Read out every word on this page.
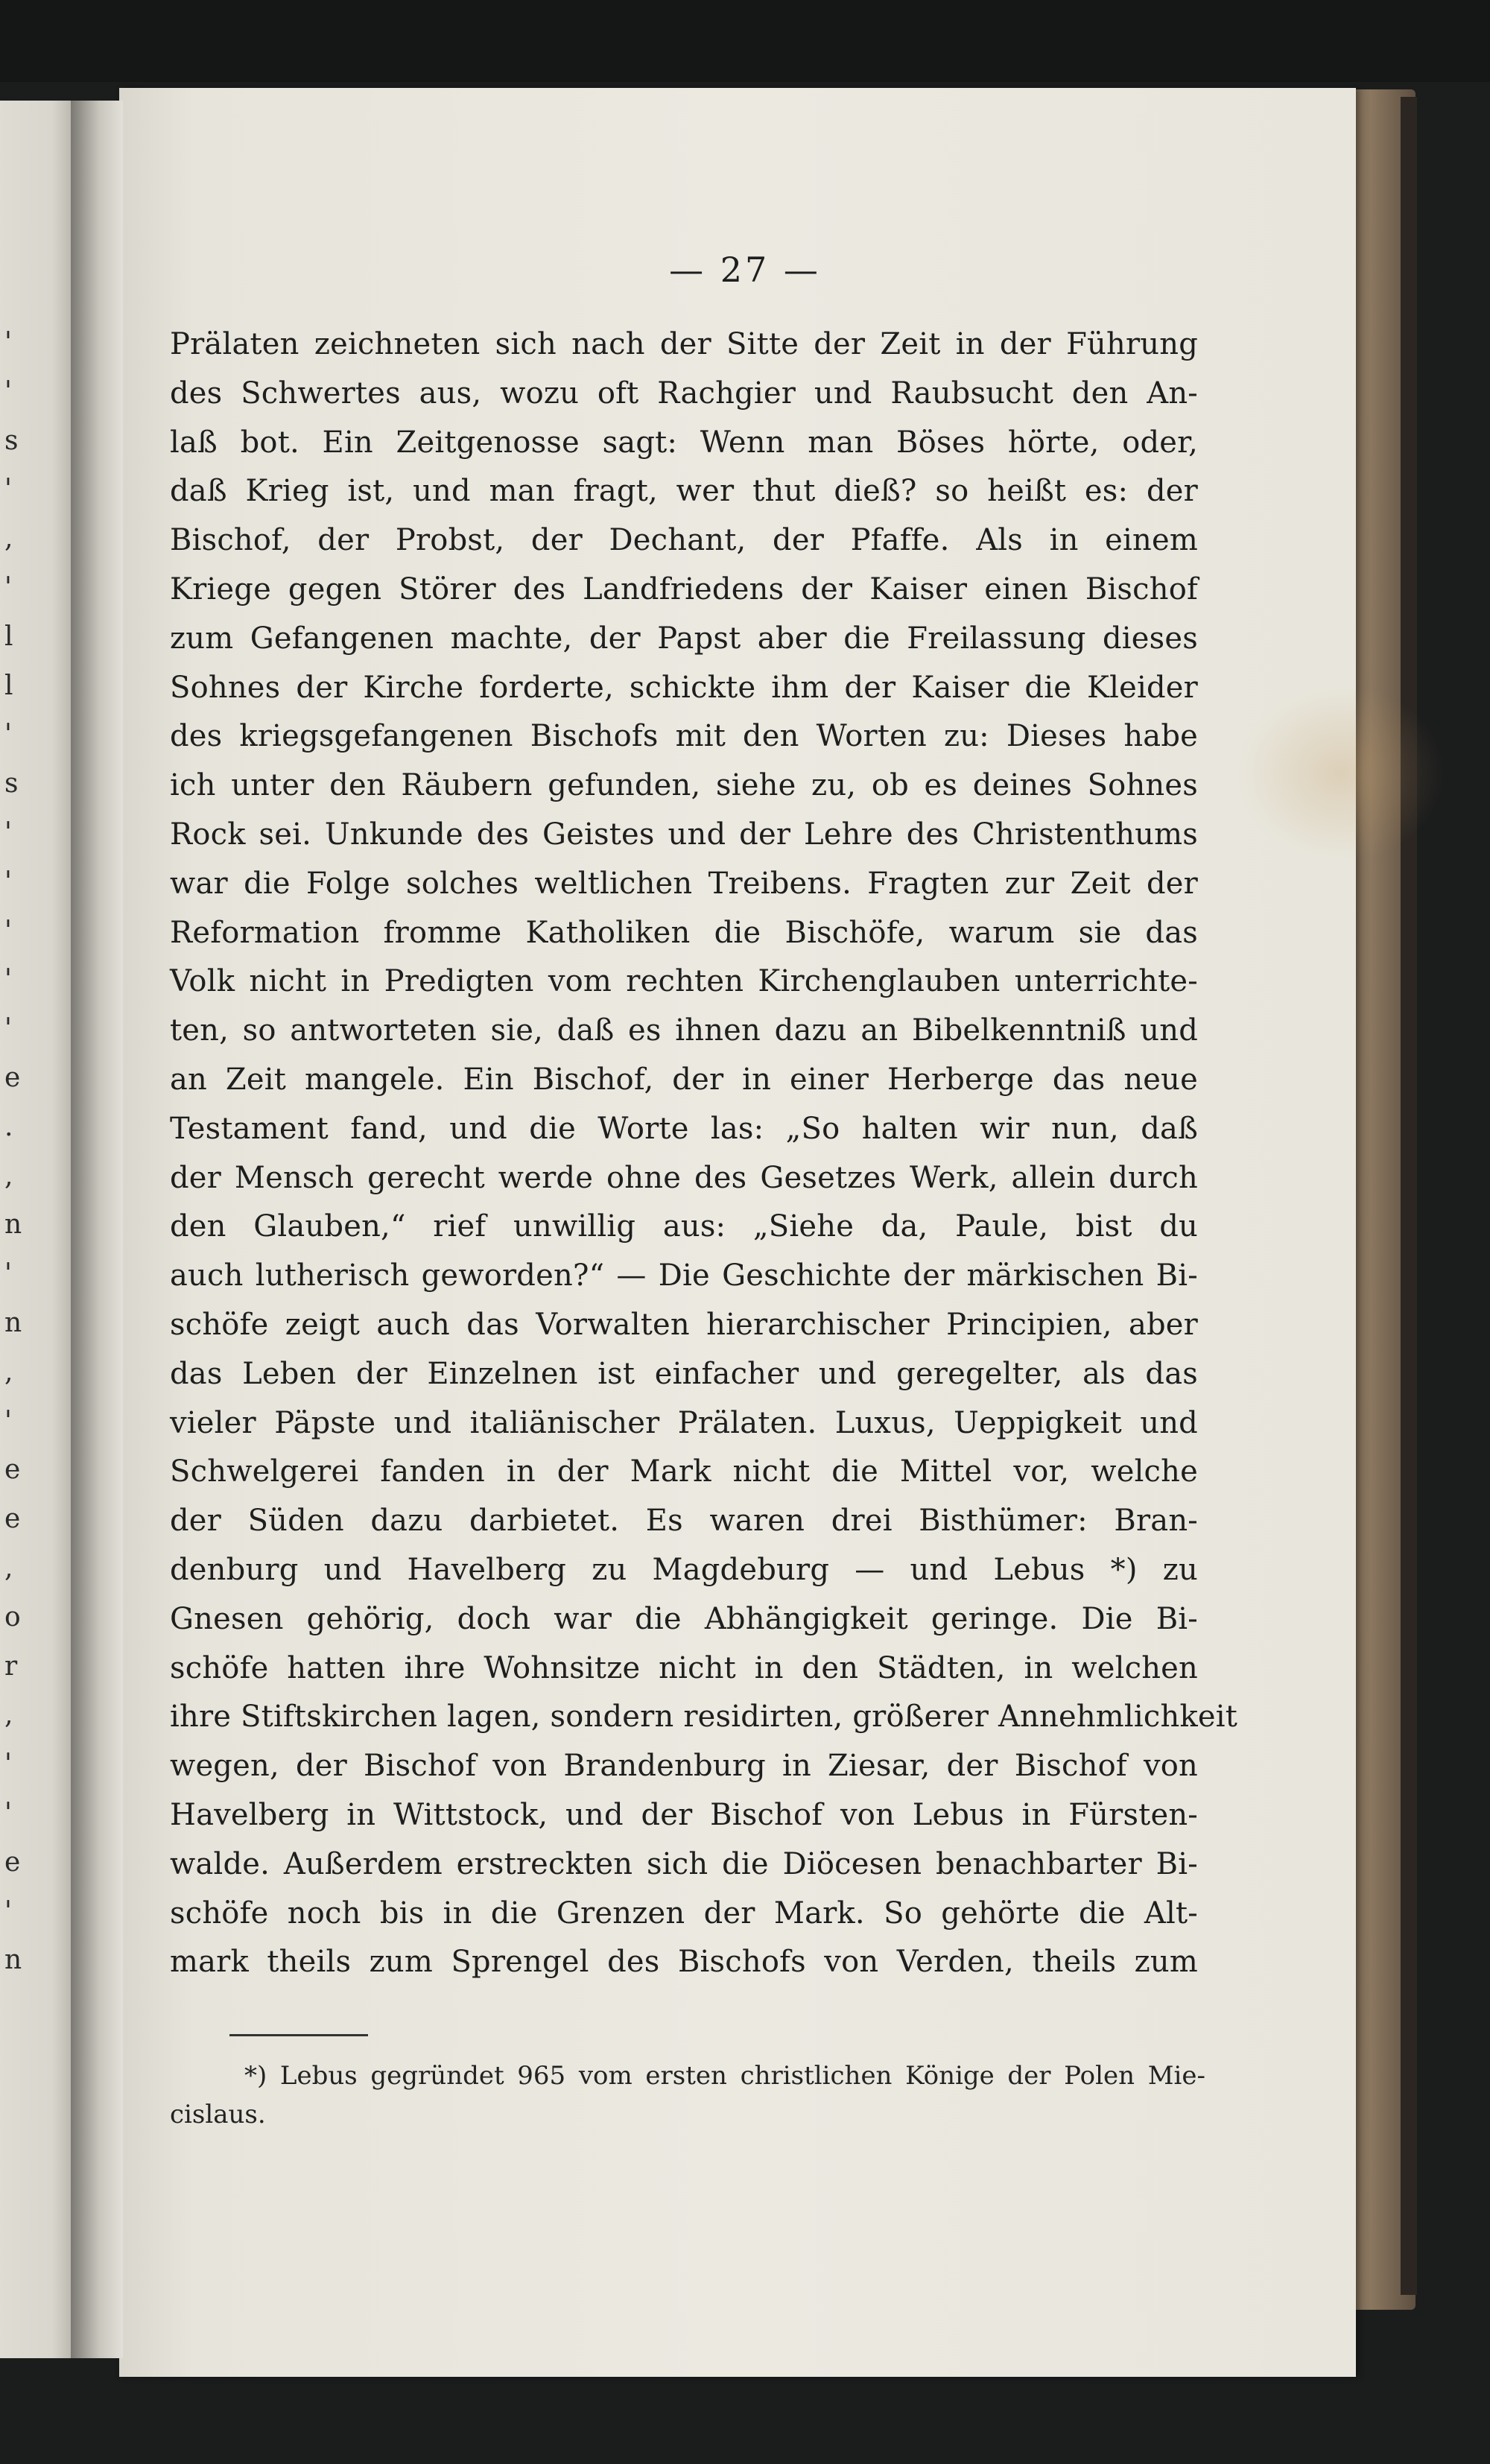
'
'
s
'
,
'
l
l
'
s
'
'
'
'
'
e
.
,
n
'
n
,
'
e
e
,
o
r
,
'
'
e
'
n
— 27 —
Prälaten zeichneten sich nach der Sitte der Zeit in der Führung
des Schwertes aus, wozu oft Rachgier und Raubsucht den An-
laß bot. Ein Zeitgenosse sagt: Wenn man Böses hörte, oder,
daß Krieg ist, und man fragt, wer thut dieß? so heißt es: der
Bischof, der Probst, der Dechant, der Pfaffe. Als in einem
Kriege gegen Störer des Landfriedens der Kaiser einen Bischof
zum Gefangenen machte, der Papst aber die Freilassung dieses
Sohnes der Kirche forderte, schickte ihm der Kaiser die Kleider
des kriegsgefangenen Bischofs mit den Worten zu: Dieses habe
ich unter den Räubern gefunden, siehe zu, ob es deines Sohnes
Rock sei. Unkunde des Geistes und der Lehre des Christenthums
war die Folge solches weltlichen Treibens. Fragten zur Zeit der
Reformation fromme Katholiken die Bischöfe, warum sie das
Volk nicht in Predigten vom rechten Kirchenglauben unterrichte-
ten, so antworteten sie, daß es ihnen dazu an Bibelkenntniß und
an Zeit mangele. Ein Bischof, der in einer Herberge das neue
Testament fand, und die Worte las: „So halten wir nun, daß
der Mensch gerecht werde ohne des Gesetzes Werk, allein durch
den Glauben,“ rief unwillig aus: „Siehe da, Paule, bist du
auch lutherisch geworden?“ — Die Geschichte der märkischen Bi-
schöfe zeigt auch das Vorwalten hierarchischer Principien, aber
das Leben der Einzelnen ist einfacher und geregelter, als das
vieler Päpste und italiänischer Prälaten. Luxus, Ueppigkeit und
Schwelgerei fanden in der Mark nicht die Mittel vor, welche
der Süden dazu darbietet. Es waren drei Bisthümer: Bran-
denburg und Havelberg zu Magdeburg — und Lebus *) zu
Gnesen gehörig, doch war die Abhängigkeit geringe. Die Bi-
schöfe hatten ihre Wohnsitze nicht in den Städten, in welchen
ihre Stiftskirchen lagen, sondern residirten, größerer Annehmlichkeit
wegen, der Bischof von Brandenburg in Ziesar, der Bischof von
Havelberg in Wittstock, und der Bischof von Lebus in Fürsten-
walde. Außerdem erstreckten sich die Diöcesen benachbarter Bi-
schöfe noch bis in die Grenzen der Mark. So gehörte die Alt-
mark theils zum Sprengel des Bischofs von Verden, theils zum
*) Lebus gegründet 965 vom ersten christlichen Könige der Polen Mie-
cislaus.
